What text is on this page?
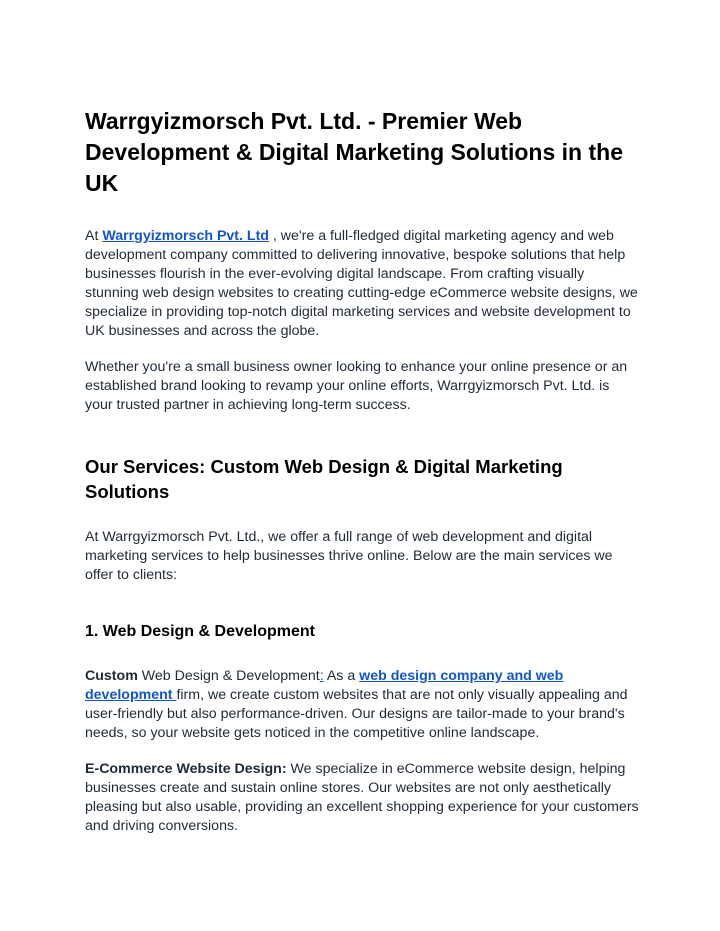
Warrgyizmorsch Pvt. Ltd. - Premier Web Development & Digital Marketing Solutions in the UK

At Warrgyizmorsch Pvt. Ltd , we're a full-fledged digital marketing agency and web development company committed to delivering innovative, bespoke solutions that help businesses flourish in the ever-evolving digital landscape. From crafting visually stunning web design websites to creating cutting-edge eCommerce website designs, we specialize in providing top-notch digital marketing services and website development to UK businesses and across the globe.

Whether you're a small business owner looking to enhance your online presence or an established brand looking to revamp your online efforts, Warrgyizmorsch Pvt. Ltd. is your trusted partner in achieving long-term success.

Our Services: Custom Web Design & Digital Marketing Solutions

At Warrgyizmorsch Pvt. Ltd., we offer a full range of web development and digital marketing services to help businesses thrive online. Below are the main services we offer to clients:

1. Web Design & Development

Custom Web Design & Development: As a web design company and web development firm, we create custom websites that are not only visually appealing and user-friendly but also performance-driven. Our designs are tailor-made to your brand's needs, so your website gets noticed in the competitive online landscape.

E-Commerce Website Design: We specialize in eCommerce website design, helping businesses create and sustain online stores. Our websites are not only aesthetically pleasing but also usable, providing an excellent shopping experience for your customers and driving conversions.
